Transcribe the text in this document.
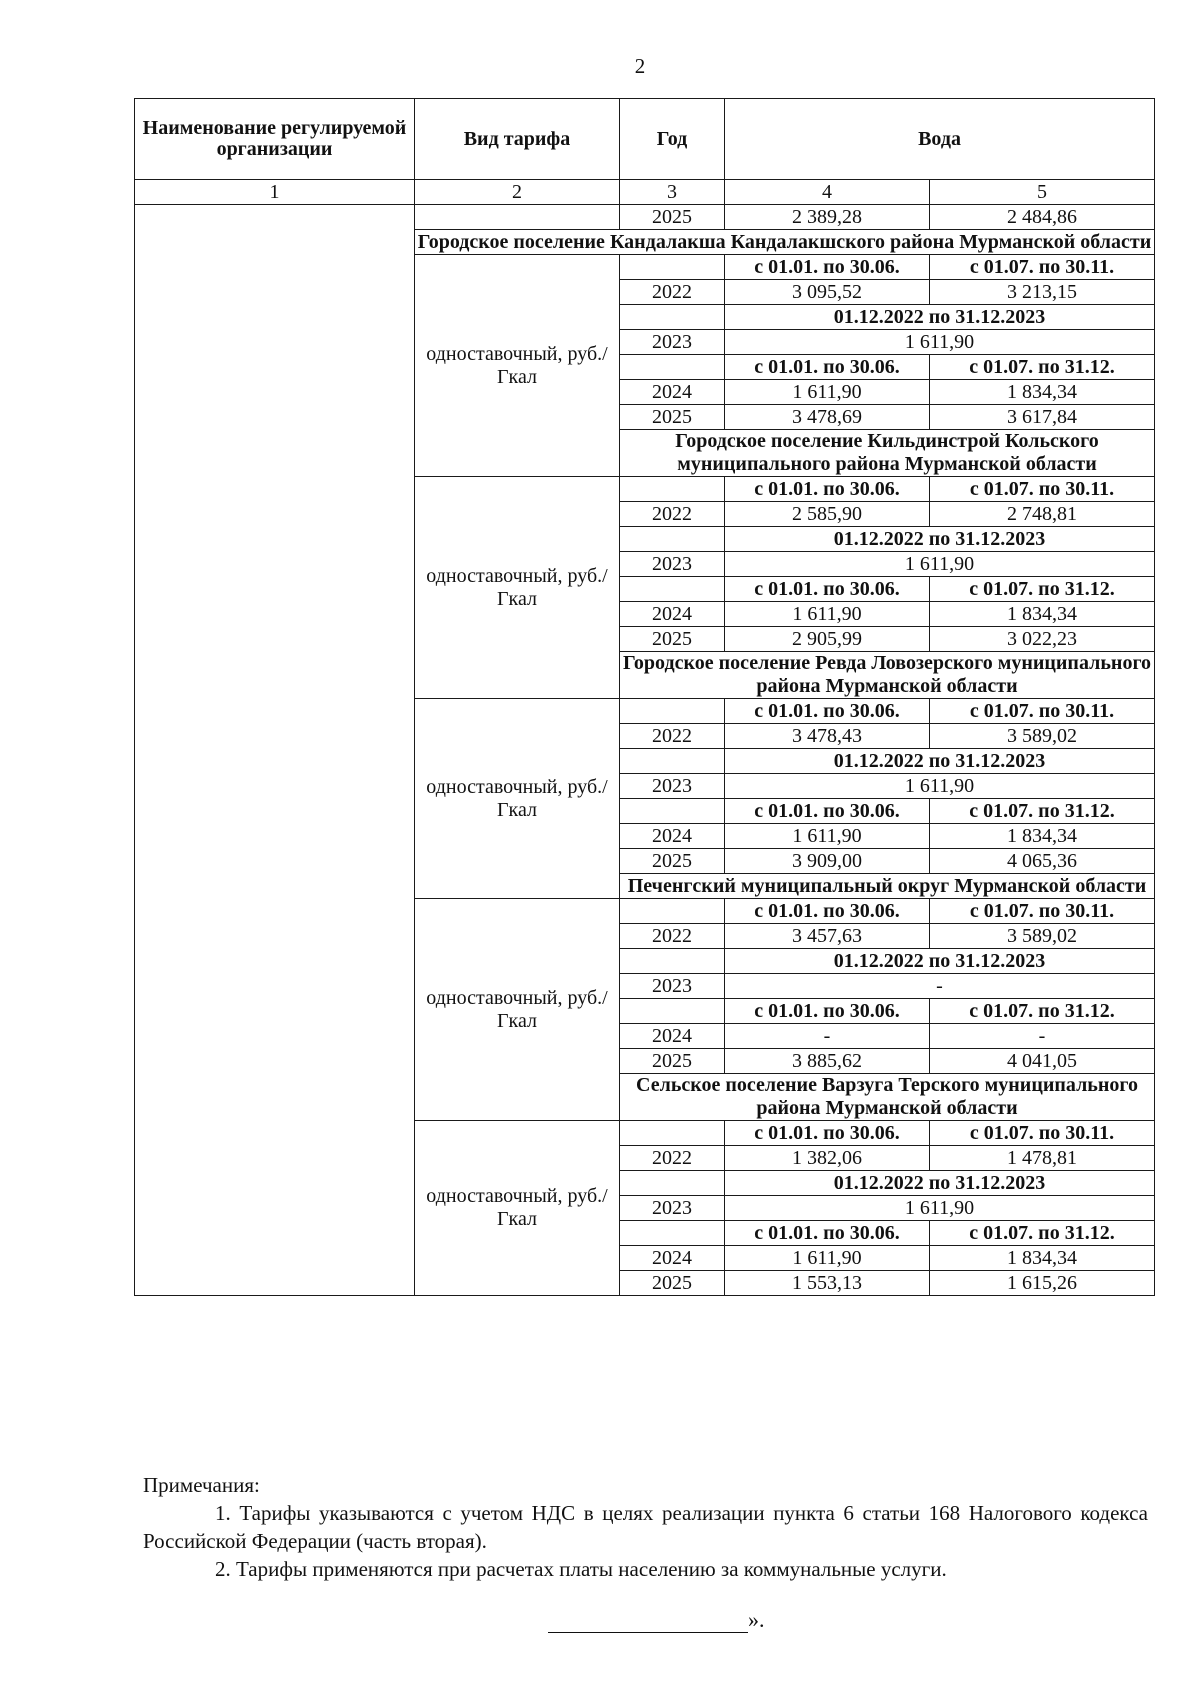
2
Наименование регулируемой организации	Вид тарифа	Год	Вода	
1	2	3	4	5
		2025	2 389,28	2 484,86
	Городское поселение Кандалакша Кандалакшского района Мурманской области			
	одноставочный, руб./Гкал		с 01.01. по 30.06.	с 01.07. по 30.11.
		2022	3 095,52	3 213,15
			01.12.2022 по 31.12.2023	
		2023	1 611,90	
			с 01.01. по 30.06.	с 01.07. по 31.12.
		2024	1 611,90	1 834,34
		2025	3 478,69	3 617,84
		Городское поселение Кильдинстрой Кольского муниципального района Мурманской области		
	одноставочный, руб./Гкал		с 01.01. по 30.06.	с 01.07. по 30.11.
		2022	2 585,90	2 748,81
			01.12.2022 по 31.12.2023	
		2023	1 611,90	
			с 01.01. по 30.06.	с 01.07. по 31.12.
		2024	1 611,90	1 834,34
		2025	2 905,99	3 022,23
		Городское поселение Ревда Ловозерского муниципального района Мурманской области		
	одноставочный, руб./Гкал		с 01.01. по 30.06.	с 01.07. по 30.11.
		2022	3 478,43	3 589,02
			01.12.2022 по 31.12.2023	
		2023	1 611,90	
			с 01.01. по 30.06.	с 01.07. по 31.12.
		2024	1 611,90	1 834,34
		2025	3 909,00	4 065,36
		Печенгский муниципальный округ Мурманской области		
	одноставочный, руб./Гкал		с 01.01. по 30.06.	с 01.07. по 30.11.
		2022	3 457,63	3 589,02
			01.12.2022 по 31.12.2023	
		2023	-	
			с 01.01. по 30.06.	с 01.07. по 31.12.
		2024	-	-
		2025	3 885,62	4 041,05
		Сельское поселение Варзуга Терского муниципального района Мурманской области		
	одноставочный, руб./Гкал		с 01.01. по 30.06.	с 01.07. по 30.11.
		2022	1 382,06	1 478,81
			01.12.2022 по 31.12.2023	
		2023	1 611,90	
			с 01.01. по 30.06.	с 01.07. по 31.12.
		2024	1 611,90	1 834,34
		2025	1 553,13	1 615,26

Примечания:

1. Тарифы указываются с учетом НДС в целях реализации пункта 6 статьи 168 Налогового кодекса Российской Федерации (часть вторая).

2. Тарифы применяются при расчетах платы населению за коммунальные услуги.

».
